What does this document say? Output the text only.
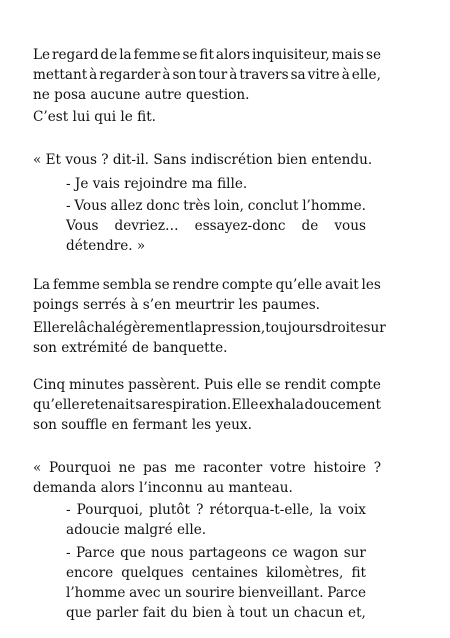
Le regard de la femme se fit alors inquisiteur, mais se
mettant à regarder à son tour à travers sa vitre à elle,
ne posa aucune autre question.
C’est lui qui le fit.
« Et vous ? dit-il. Sans indiscrétion bien entendu.
- Je vais rejoindre ma fille.
- Vous allez donc très loin, conclut l’homme.
Vous devriez… essayez-donc de vous
détendre. »
La femme sembla se rendre compte qu’elle avait les
poings serrés à s’en meurtrir les paumes.
Elle relâcha légèrement la pression, toujours droite sur
son extrémité de banquette.
Cinq minutes passèrent. Puis elle se rendit compte
qu’elle retenait sa respiration. Elle exhala doucement
son souffle en fermant les yeux.
« Pourquoi ne pas me raconter votre histoire ?
demanda alors l’inconnu au manteau.
- Pourquoi, plutôt ? rétorqua-t-elle, la voix
adoucie malgré elle.
- Parce que nous partageons ce wagon sur
encore quelques centaines kilomètres, fit
l’homme avec un sourire bienveillant. Parce
que parler fait du bien à tout un chacun et,
